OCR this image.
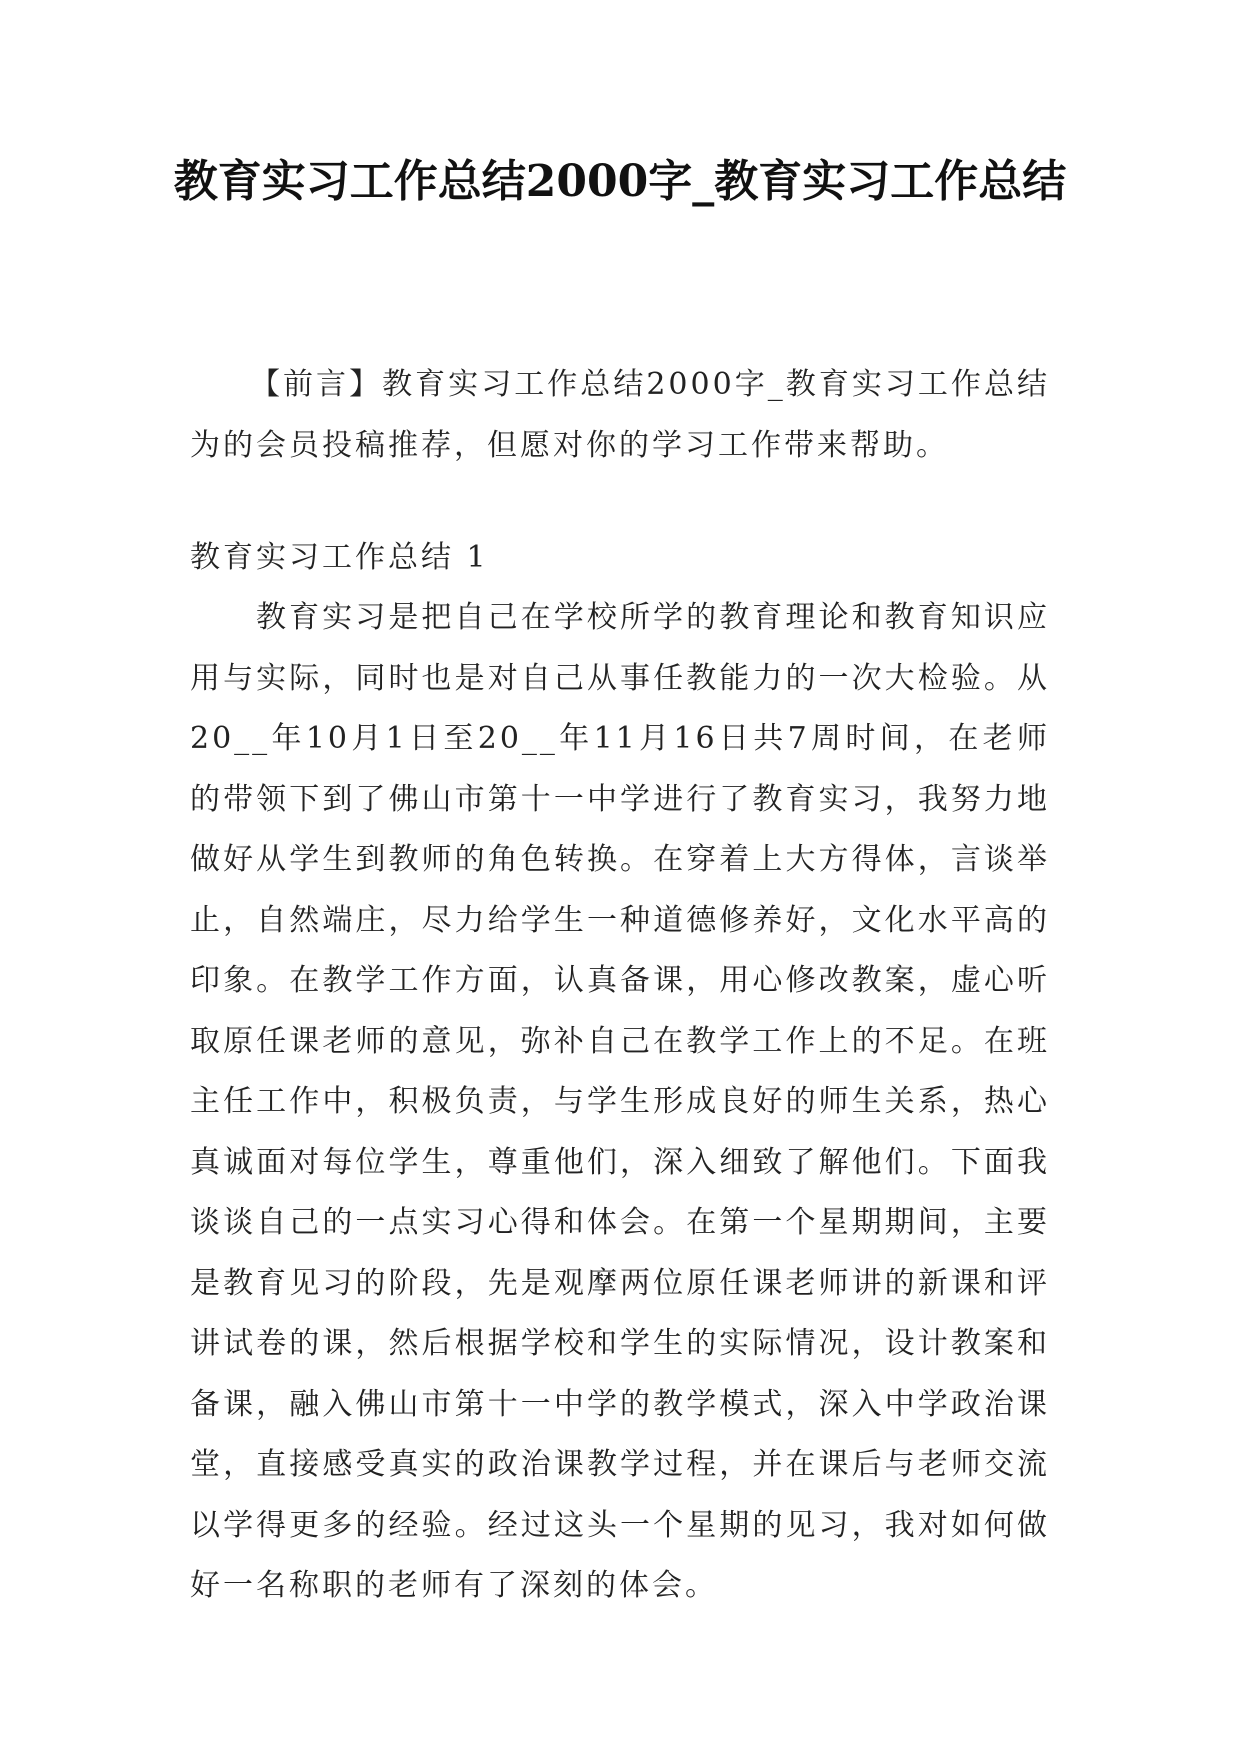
教育实习工作总结2000字_教育实习工作总结
【前言】教育实习工作总结2000字_教育实习工作总结为的会员投稿推荐，但愿对你的学习工作带来帮助。
教育实习工作总结 1
教育实习是把自己在学校所学的教育理论和教育知识应用与实际，同时也是对自己从事任教能力的一次大检验。从20__年10月1日至20__年11月16日共7周时间，在老师的带领下到了佛山市第十一中学进行了教育实习，我努力地做好从学生到教师的角色转换。在穿着上大方得体，言谈举止，自然端庄，尽力给学生一种道德修养好，文化水平高的印象。在教学工作方面，认真备课，用心修改教案，虚心听取原任课老师的意见，弥补自己在教学工作上的不足。在班主任工作中，积极负责，与学生形成良好的师生关系，热心真诚面对每位学生，尊重他们，深入细致了解他们。下面我谈谈自己的一点实习心得和体会。在第一个星期期间，主要是教育见习的阶段，先是观摩两位原任课老师讲的新课和评讲试卷的课，然后根据学校和学生的实际情况，设计教案和备课，融入佛山市第十一中学的教学模式，深入中学政治课堂，直接感受真实的政治课教学过程，并在课后与老师交流以学得更多的经验。经过这头一个星期的见习，我对如何做好一名称职的老师有了深刻的体会。
